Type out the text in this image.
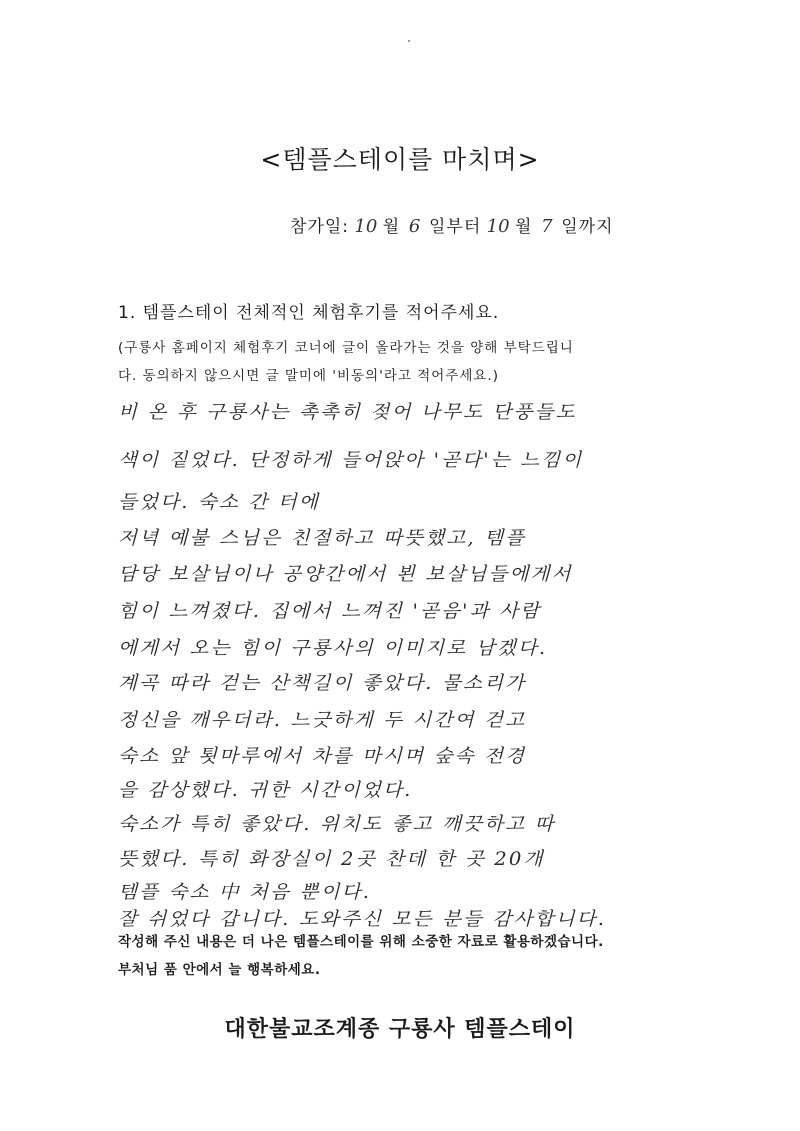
<템플스테이를 마치며>
참가일: 10 월 6 일부터 10 월 7 일까지
1. 템플스테이 전체적인 체험후기를 적어주세요.
(구룡사 홈페이지 체험후기 코너에 글이 올라가는 것을 양해 부탁드립니
다. 동의하지 않으시면 글 말미에 '비동의'라고 적어주세요.)
비 온 후 구룡사는 촉촉히 젖어 나무도 단풍들도
색이 짙었다. 단정하게 들어앉아 '곧다'는 느낌이
들었다. 숙소 간 터에
저녁 예불 스님은 친절하고 따뜻했고, 템플
담당 보살님이나 공양간에서 뵌 보살님들에게서
힘이 느껴졌다. 집에서 느껴진 '곧음'과 사람
에게서 오는 힘이 구룡사의 이미지로 남겠다.
계곡 따라 걷는 산책길이 좋았다. 물소리가
정신을 깨우더라. 느긋하게 두 시간여 걷고
숙소 앞 툇마루에서 차를 마시며 숲속 전경
을 감상했다. 귀한 시간이었다.
숙소가 특히 좋았다. 위치도 좋고 깨끗하고 따
뜻했다. 특히 화장실이 2곳 찬데 한 곳 20개
템플 숙소 中 처음 뿐이다.
잘 쉬었다 갑니다. 도와주신 모든 분들 감사합니다.
작성해 주신 내용은 더 나은 템플스테이를 위해 소중한 자료로 활용하겠습니다.
부처님 품 안에서 늘 행복하세요.
대한불교조계종 구룡사 템플스테이
